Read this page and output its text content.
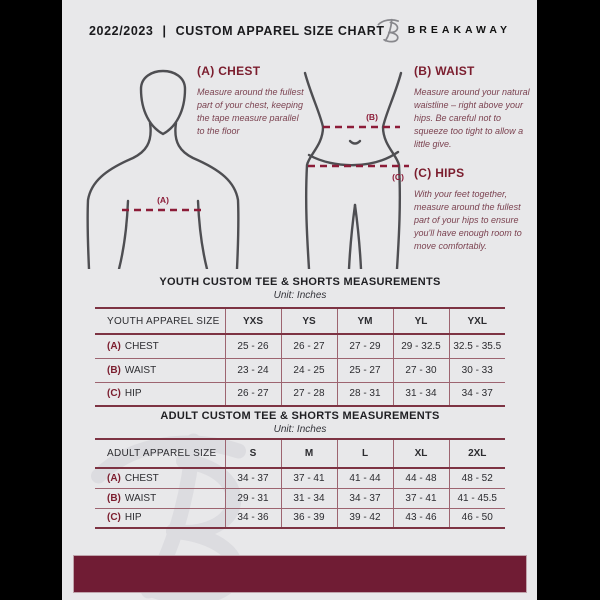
2022/2023 | CUSTOM APPAREL SIZE CHART BREAKAWAY
(A)
(B)
(C)
(A) CHEST
Measure around the fullest part of your chest, keeping the tape measure parallel to the floor
(B) WAIST
Measure around your natural waistline – right above your hips. Be careful not to squeeze too tight to allow a little give.
(C) HIPS
With your feet together, measure around the fullest part of your hips to ensure you'll have enough room to move comfortably.
YOUTH CUSTOM TEE & SHORTS MEASUREMENTS
Unit: Inches
YOUTH APPAREL SIZE	YXS	YS	YM	YL	YXL
(A) CHEST	25 - 26	26 - 27	27 - 29	29 - 32.5	32.5 - 35.5
(B) WAIST	23 - 24	24 - 25	25 - 27	27 - 30	30 - 33
(C) HIP	26 - 27	27 - 28	28 - 31	31 - 34	34 - 37
ADULT CUSTOM TEE & SHORTS MEASUREMENTS
Unit: Inches
ADULT APPAREL SIZE	S	M	L	XL	2XL
(A) CHEST	34 - 37	37 - 41	41 - 44	44 - 48	48 - 52
(B) WAIST	29 - 31	31 - 34	34 - 37	37 - 41	41 - 45.5
(C) HIP	34 - 36	36 - 39	39 - 42	43 - 46	46 - 50
